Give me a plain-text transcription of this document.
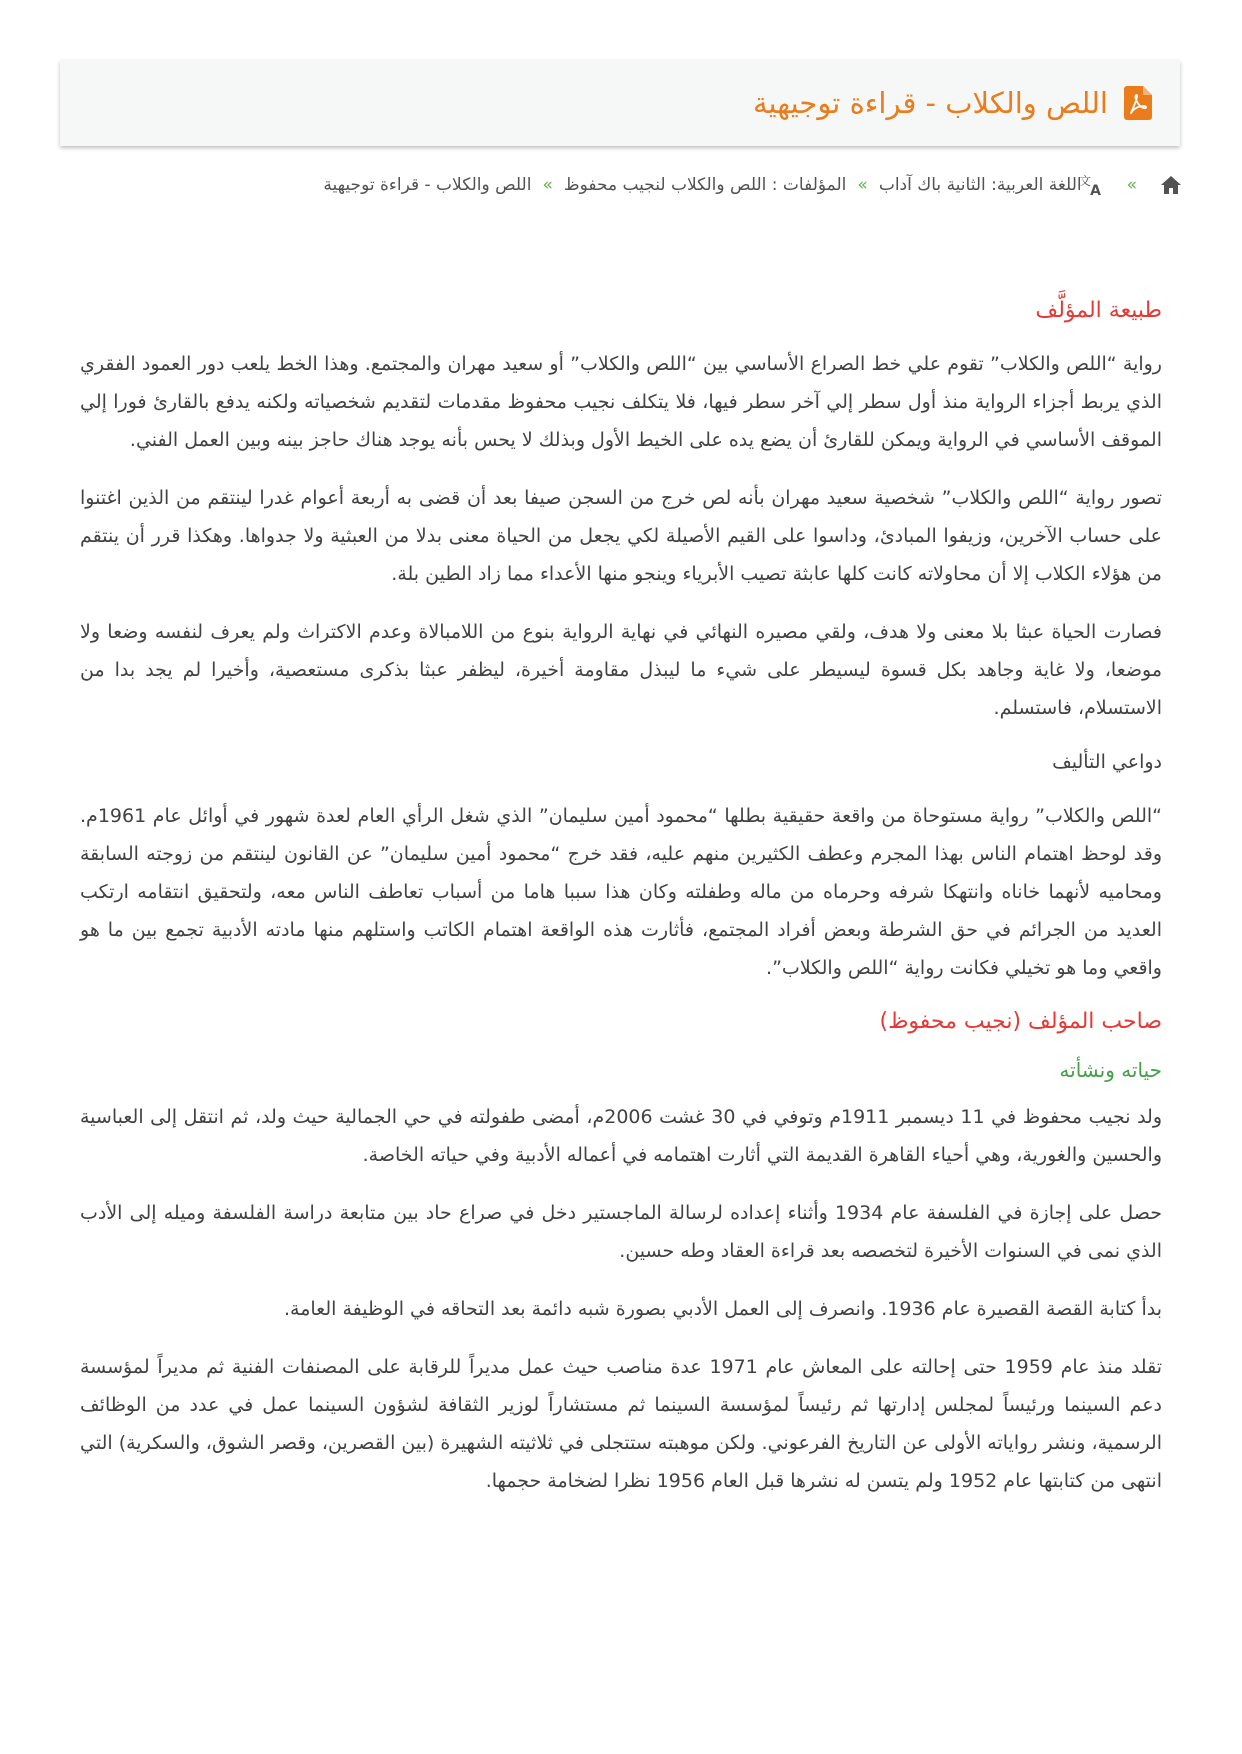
اللص والكلاب - قراءة توجيهية
»
文
A
اللغة العربية: الثانية باك آداب
»
المؤلفات : اللص والكلاب لنجيب محفوظ
»
اللص والكلاب - قراءة توجيهية
طبيعة المؤلَّف

رواية “اللص والكلاب” تقوم علي خط الصراع الأساسي بين “اللص والكلاب” أو سعيد مهران والمجتمع. وهذا الخط يلعب دور العمود الفقري الذي يربط أجزاء الرواية منذ أول سطر إلي آخر سطر فيها، فلا يتكلف نجيب محفوظ مقدمات لتقديم شخصياته ولكنه يدفع بالقارئ فورا إلي الموقف الأساسي في الرواية ويمكن للقارئ أن يضع يده على الخيط الأول وبذلك لا يحس بأنه يوجد هناك حاجز بينه وبين العمل الفني.

تصور رواية “اللص والكلاب” شخصية سعيد مهران بأنه لص خرج من السجن صيفا بعد أن قضى به أربعة أعوام غدرا لينتقم من الذين اغتنوا على حساب الآخرين، وزيفوا المبادئ، وداسوا على القيم الأصيلة لكي يجعل من الحياة معنى بدلا من العبثية ولا جدواها. وهكذا قرر أن ينتقم من هؤلاء الكلاب إلا أن محاولاته كانت كلها عابثة تصيب الأبرياء وينجو منها الأعداء مما زاد الطين بلة.

فصارت الحياة عبثا بلا معنى ولا هدف، ولقي مصيره النهائي في نهاية الرواية بنوع من اللامبالاة وعدم الاكتراث ولم يعرف لنفسه وضعا ولا موضعا، ولا غاية وجاهد بكل قسوة ليسيطر على شيء ما ليبذل مقاومة أخيرة، ليظفر عبثا بذكرى مستعصية، وأخيرا لم يجد بدا من الاستسلام، فاستسلم.

دواعي التأليف

“اللص والكلاب” رواية مستوحاة من واقعة حقيقية بطلها “محمود أمين سليمان” الذي شغل الرأي العام لعدة شهور في أوائل عام 1961م. وقد لوحظ اهتمام الناس بهذا المجرم وعطف الكثيرين منهم عليه، فقد خرج “محمود أمين سليمان” عن القانون لينتقم من زوجته السابقة ومحاميه لأنهما خاناه وانتهكا شرفه وحرماه من ماله وطفلته وكان هذا سببا هاما من أسباب تعاطف الناس معه، ولتحقيق انتقامه ارتكب العديد من الجرائم في حق الشرطة وبعض أفراد المجتمع، فأثارت هذه الواقعة اهتمام الكاتب واستلهم منها مادته الأدبية تجمع بين ما هو واقعي وما هو تخيلي فكانت رواية “اللص والكلاب”.

صاحب المؤلف (نجيب محفوظ)
حياته ونشأته

ولد نجيب محفوظ في 11 ديسمبر 1911م وتوفي في 30 غشت 2006م، أمضى طفولته في حي الجمالية حيث ولد، ثم انتقل إلى العباسية والحسين والغورية، وهي أحياء القاهرة القديمة التي أثارت اهتمامه في أعماله الأدبية وفي حياته الخاصة.

حصل على إجازة في الفلسفة عام 1934 وأثناء إعداده لرسالة الماجستير دخل في صراع حاد بين متابعة دراسة الفلسفة وميله إلى الأدب الذي نمى في السنوات الأخيرة لتخصصه بعد قراءة العقاد وطه حسين.

بدأ كتابة القصة القصيرة عام 1936. وانصرف إلى العمل الأدبي بصورة شبه دائمة بعد التحاقه في الوظيفة العامة.

تقلد منذ عام 1959 حتى إحالته على المعاش عام 1971 عدة مناصب حيث عمل مديراً للرقابة على المصنفات الفنية ثم مديراً لمؤسسة دعم السينما ورئيساً لمجلس إدارتها ثم رئيساً لمؤسسة السينما ثم مستشاراً لوزير الثقافة لشؤون السينما عمل في عدد من الوظائف الرسمية، ونشر رواياته الأولى عن التاريخ الفرعوني. ولكن موهبته ستتجلى في ثلاثيته الشهيرة (بين القصرين، وقصر الشوق، والسكرية) التي انتهى من كتابتها عام 1952 ولم يتسن له نشرها قبل العام 1956 نظرا لضخامة حجمها.
